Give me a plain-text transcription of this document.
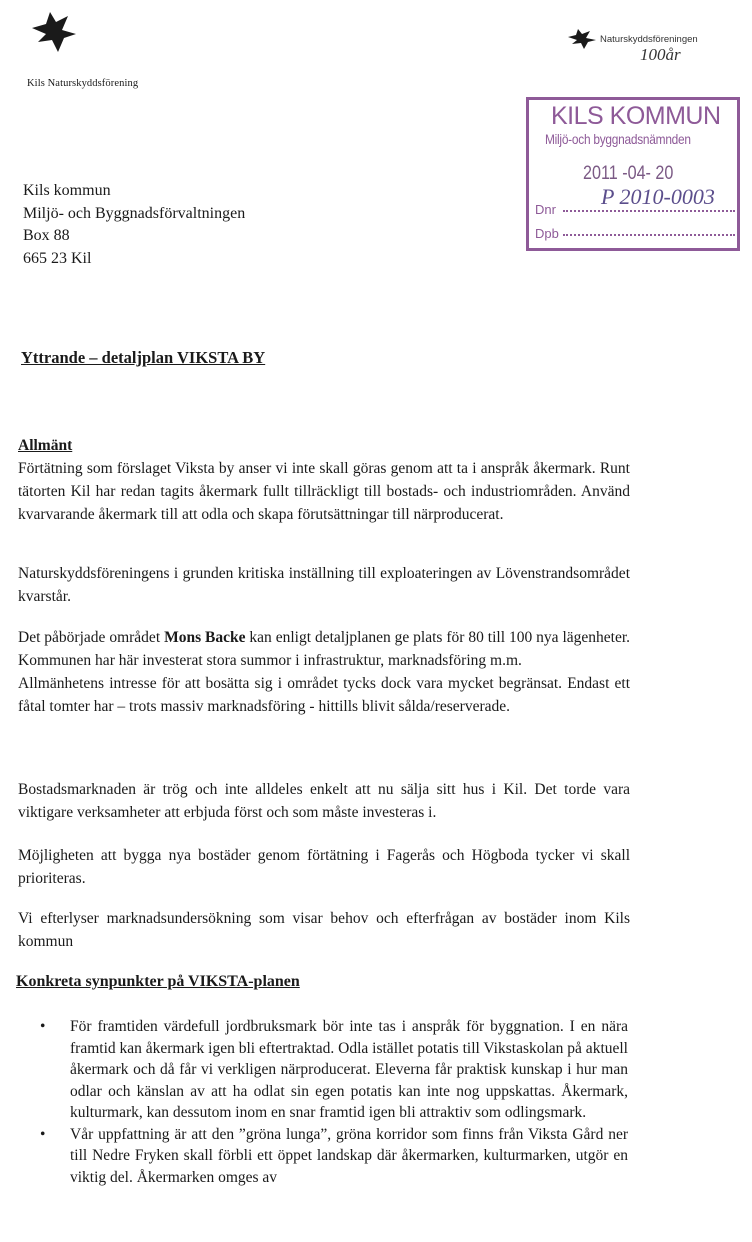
Kils Naturskyddsförening
Naturskyddsföreningen
100år
KILS KOMMUN
Miljö-och byggnadsnämnden
2011 -04- 20
P 2010-0003
Dnr
Dpb
Kils kommun
Miljö- och Byggnadsförvaltningen
Box 88
665 23 Kil
Yttrande – detaljplan VIKSTA BY
Allmänt

Förtätning som förslaget Viksta by anser vi inte skall göras genom att ta i anspråk åkermark. Runt tätorten Kil har redan tagits åkermark fullt tillräckligt till bostads- och industriområden. Använd kvarvarande åkermark till att odla och skapa förutsättningar till närproducerat.

Naturskyddsföreningens i grunden kritiska inställning till exploateringen av Lövenstrandsområdet kvarstår.

Det påbörjade området Mons Backe kan enligt detaljplanen ge plats för 80 till 100 nya lägenheter. Kommunen har här investerat stora summor i infrastruktur, marknadsföring m.m.

Allmänhetens intresse för att bosätta sig i området tycks dock vara mycket begränsat. Endast ett fåtal tomter har – trots massiv marknadsföring - hittills blivit sålda/reserverade.

Bostadsmarknaden är trög och inte alldeles enkelt att nu sälja sitt hus i Kil. Det torde vara viktigare verksamheter att erbjuda först och som måste investeras i.

Möjligheten att bygga nya bostäder genom förtätning i Fagerås och Högboda tycker vi skall prioriteras.

Vi efterlyser marknadsundersökning som visar behov och efterfrågan av bostäder inom Kils kommun

Konkreta synpunkter på VIKSTA-planen
• För framtiden värdefull jordbruksmark bör inte tas i anspråk för byggnation. I en nära framtid kan åkermark igen bli eftertraktad. Odla istället potatis till Vikstaskolan på aktuell åkermark och då får vi verkligen närproducerat. Eleverna får praktisk kunskap i hur man odlar och känslan av att ha odlat sin egen potatis kan inte nog uppskattas. Åkermark, kulturmark, kan dessutom inom en snar framtid igen bli attraktiv som odlingsmark.
• Vår uppfattning är att den ”gröna lunga”, gröna korridor som finns från Viksta Gård ner till Nedre Fryken skall förbli ett öppet landskap där åkermarken, kulturmarken, utgör en viktig del. Åkermarken omges av
